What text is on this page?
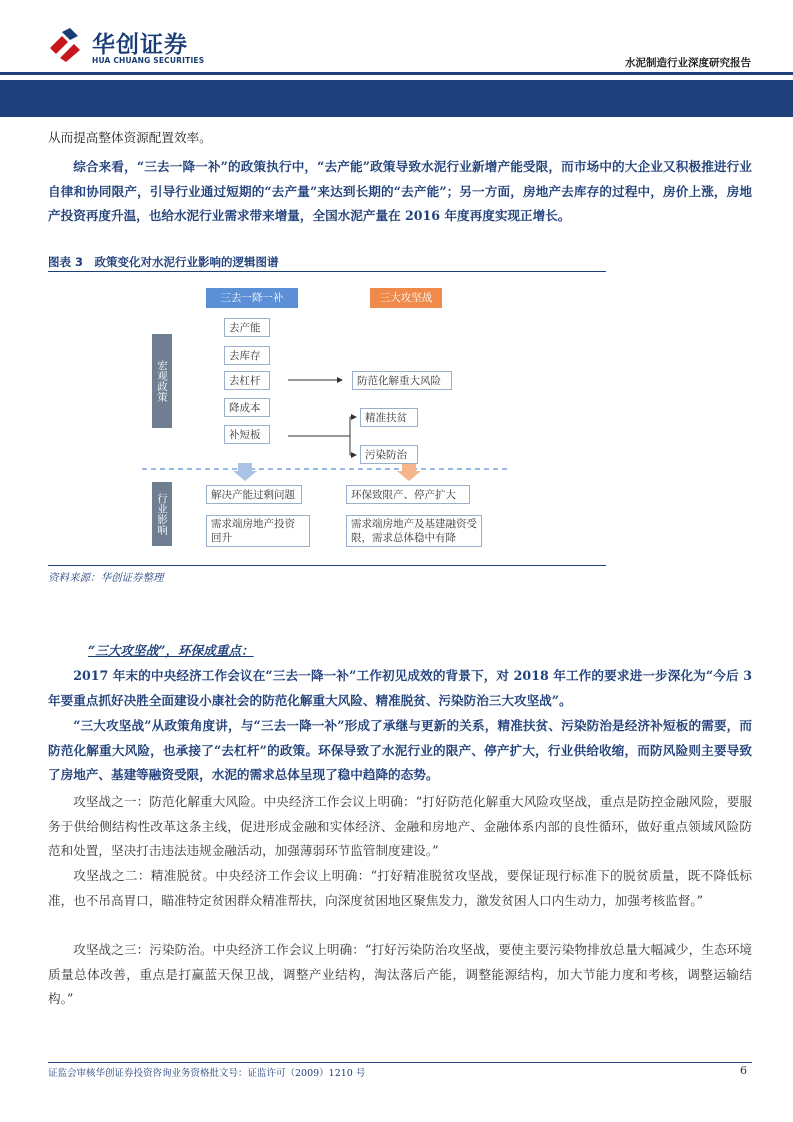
华创证券
HUA CHUANG SECURITIES	水泥制造行业深度研究报告
从而提高整体资源配置效率。
综合来看，“三去一降一补”的政策执行中，“去产能”政策导致水泥行业新增产能受限，而市场中的大企业又积极推进行业自律和协同限产，引导行业通过短期的“去产量”来达到长期的“去产能”；另一方面，房地产去库存的过程中，房价上涨，房地产投资再度升温，也给水泥行业需求带来增量，全国水泥产量在 2016 年度再度实现正增长。
图表 3　政策变化对水泥行业影响的逻辑图谱
三去一降一补	三大攻坚战
宏观政策
去产能
去库存
去杠杆
降成本
补短板
防范化解重大风险
精准扶贫
污染防治
行业影响	解决产能过剩问题
需求端房地产投资回升
环保致限产、停产扩大
需求端房地产及基建融资受限，需求总体稳中有降
资料来源：华创证券整理
“三大攻坚战”，环保成重点：
2017 年末的中央经济工作会议在“三去一降一补”工作初见成效的背景下，对 2018 年工作的要求进一步深化为“今后 3 年要重点抓好决胜全面建设小康社会的防范化解重大风险、精准脱贫、污染防治三大攻坚战”。
“三大攻坚战”从政策角度讲，与“三去一降一补”形成了承继与更新的关系，精准扶贫、污染防治是经济补短板的需要，而防范化解重大风险，也承接了“去杠杆”的政策。环保导致了水泥行业的限产、停产扩大，行业供给收缩，而防风险则主要导致了房地产、基建等融资受限，水泥的需求总体呈现了稳中趋降的态势。
攻坚战之一：防范化解重大风险。中央经济工作会议上明确：“打好防范化解重大风险攻坚战，重点是防控金融风险，要服务于供给侧结构性改革这条主线，促进形成金融和实体经济、金融和房地产、金融体系内部的良性循环，做好重点领域风险防范和处置，坚决打击违法违规金融活动，加强薄弱环节监管制度建设。”
攻坚战之二：精准脱贫。中央经济工作会议上明确：“打好精准脱贫攻坚战，要保证现行标准下的脱贫质量，既不降低标准，也不吊高胃口，瞄准特定贫困群众精准帮扶，向深度贫困地区聚焦发力，激发贫困人口内生动力，加强考核监督。”
攻坚战之三：污染防治。中央经济工作会议上明确：“打好污染防治攻坚战，要使主要污染物排放总量大幅减少，生态环境质量总体改善，重点是打赢蓝天保卫战，调整产业结构，淘汰落后产能，调整能源结构，加大节能力度和考核，调整运输结构。”
证监会审核华创证券投资咨询业务资格批文号：证监许可（2009）1210 号	6
